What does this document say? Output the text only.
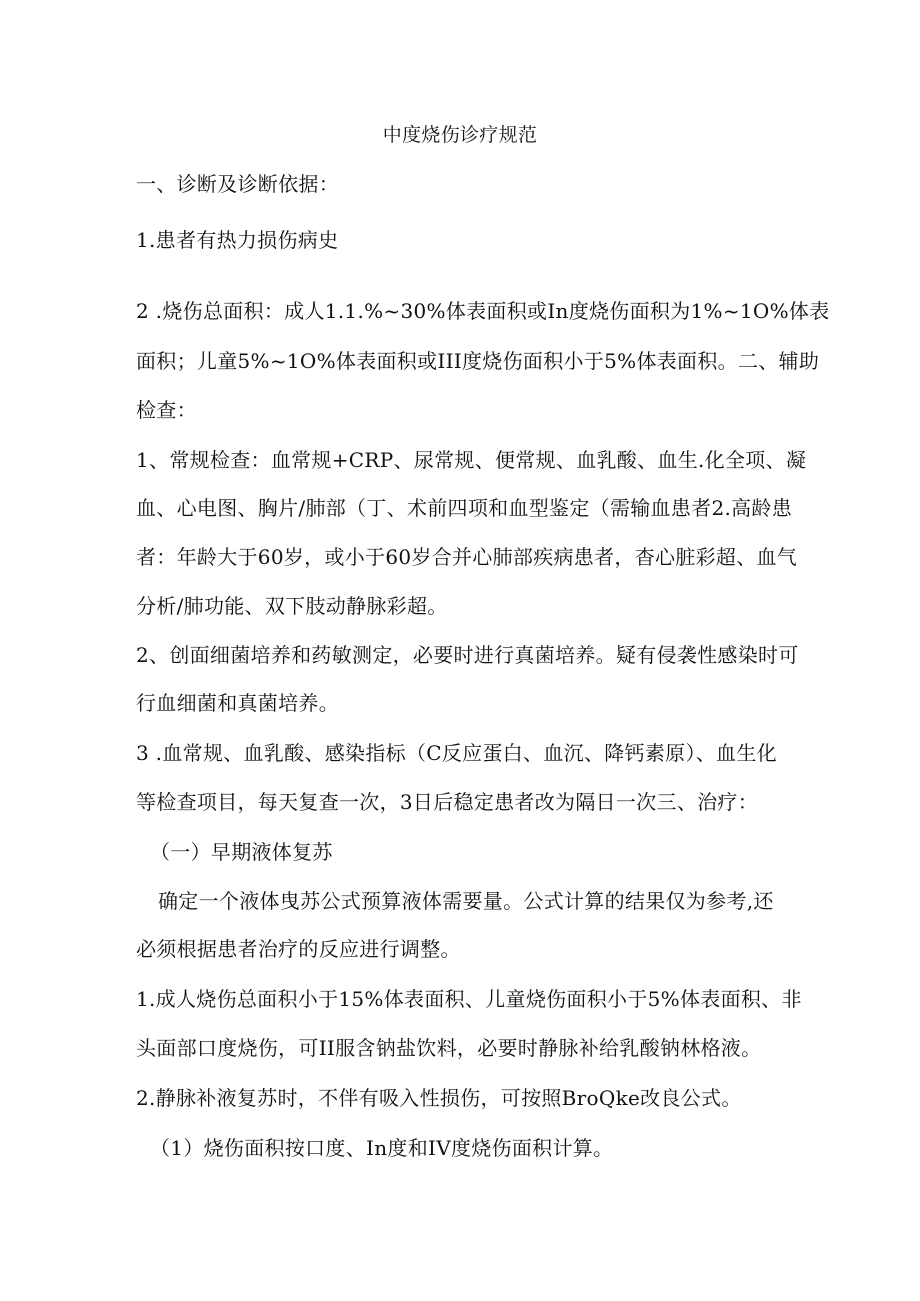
中度烧伤诊疗规范
一、诊断及诊断依据：
1.患者有热力损伤病史
2 .烧伤总面积：成人1.1.%~30%体表面积或In度烧伤面积为1%~1O%体表
面积；儿童5%~1O%体表面积或III度烧伤面积小于5%体表面积。二、辅助
检查：
1、常规检查：血常规+CRP、尿常规、便常规、血乳酸、血生.化全项、凝
血、心电图、胸片/肺部（丁、术前四项和血型鉴定（需输血患者2.高龄患
者：年龄大于60岁，或小于60岁合并心肺部疾病患者，杳心脏彩超、血气
分析/肺功能、双下肢动静脉彩超。
2、创面细菌培养和药敏测定，必要时进行真菌培养。疑有侵袭性感染时可
行血细菌和真菌培养。
3 .血常规、血乳酸、感染指标（C反应蛋白、血沉、降钙素原）、血生化
等检查项目，每天复查一次，3日后稳定患者改为隔日一次三、治疗：
（一）早期液体复苏
确定一个液体曳苏公式预算液体需要量。公式计算的结果仅为参考,还
必须根据患者治疗的反应进行调整。
1.成人烧伤总面积小于15%体表面积、儿童烧伤面积小于5%体表面积、非
头面部口度烧伤，可II服含钠盐饮料，必要时静脉补给乳酸钠林格液。
2.静脉补液复苏时，不伴有吸入性损伤，可按照BroQke改良公式。
（1）烧伤面积按口度、In度和IV度烧伤面积计算。
